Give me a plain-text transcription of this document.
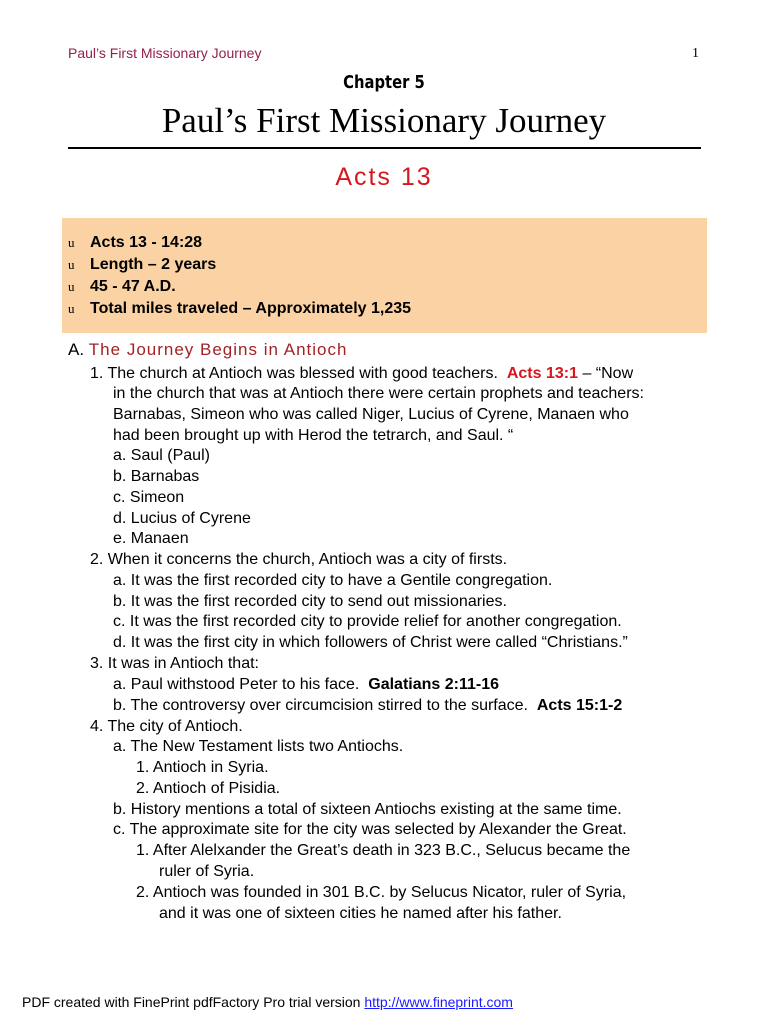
Paul’s First Missionary Journey	1
Chapter 5
Paul’s First Missionary Journey
Acts 13
u Acts 13 - 14:28
u Length – 2 years
u 45 - 47 A.D.
u Total miles traveled – Approximately 1,235
A. The Journey Begins in Antioch
1. The church at Antioch was blessed with good teachers. Acts 13:1 – “Now
in the church that was at Antioch there were certain prophets and teachers:
Barnabas, Simeon who was called Niger, Lucius of Cyrene, Manaen who
had been brought up with Herod the tetrarch, and Saul. “
a. Saul (Paul)
b. Barnabas
c. Simeon
d. Lucius of Cyrene
e. Manaen
2. When it concerns the church, Antioch was a city of firsts.
a. It was the first recorded city to have a Gentile congregation.
b. It was the first recorded city to send out missionaries.
c. It was the first recorded city to provide relief for another congregation.
d. It was the first city in which followers of Christ were called “Christians.”
3. It was in Antioch that:
a. Paul withstood Peter to his face. Galatians 2:11-16
b. The controversy over circumcision stirred to the surface. Acts 15:1-2
4. The city of Antioch.
a. The New Testament lists two Antiochs.
1. Antioch in Syria.
2. Antioch of Pisidia.
b. History mentions a total of sixteen Antiochs existing at the same time.
c. The approximate site for the city was selected by Alexander the Great.
1. After Alelxander the Great’s death in 323 B.C., Selucus became the
ruler of Syria.
2. Antioch was founded in 301 B.C. by Selucus Nicator, ruler of Syria,
and it was one of sixteen cities he named after his father.
PDF created with FinePrint pdfFactory Pro trial version http://www.fineprint.com
